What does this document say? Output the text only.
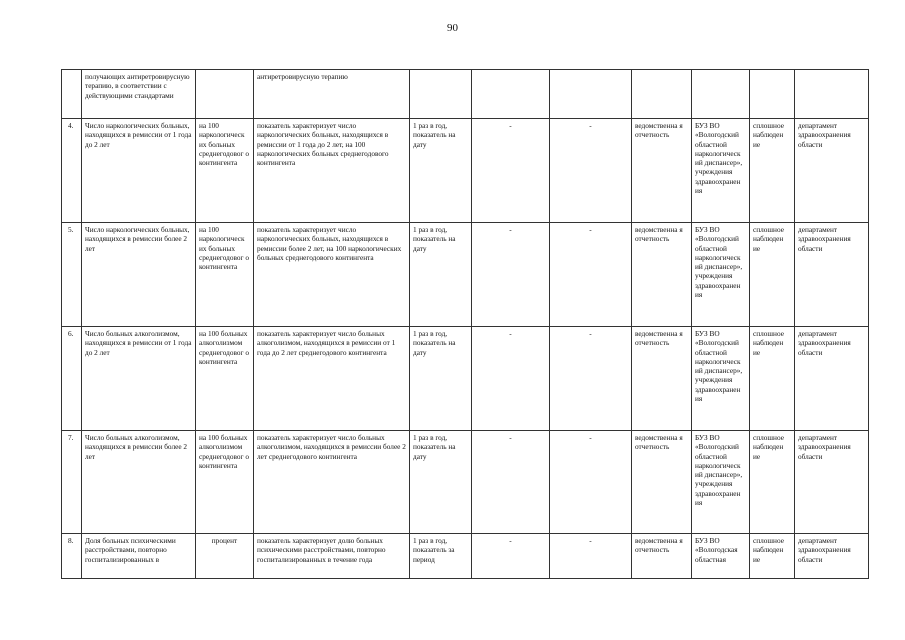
90
	получающих антиретровирусную терапию, в соответствии с действующими стандартами		антиретровирусную терапию							
4.	Число наркологических больных, находящихся в ремиссии от 1 года до 2 лет	на 100 наркологическ их больных среднегодовог о контингента	показатель характеризует число наркологических больных, находящихся в ремиссии от 1 года до 2 лет, на 100 наркологических больных среднегодового контингента	1 раз в год, показатель на дату	-	-	ведомственна я отчетность	БУЗ ВО «Вологодский областной наркологическ ий диспансер», учреждения здравоохранен ия	сплошное наблюден ие	департамент здравоохранения области
5.	Число наркологических больных, находящихся в ремиссии более 2 лет	на 100 наркологическ их больных среднегодовог о контингента	показатель характеризует число наркологических больных, находящихся в ремиссии более 2 лет, на 100 наркологических больных среднегодового контингента	1 раз в год, показатель на дату	-	-	ведомственна я отчетность	БУЗ ВО «Вологодский областной наркологическ ий диспансер», учреждения здравоохранен ия	сплошное наблюден ие	департамент здравоохранения области
6.	Число больных алкоголизмом, находящихся в ремиссии от 1 года до 2 лет	на 100 больных алкоголизмом среднегодовог о контингента	показатель характеризует число больных алкоголизмом, находящихся в ремиссии от 1 года до 2 лет среднегодового контингента	1 раз в год, показатель на дату	-	-	ведомственна я отчетность	БУЗ ВО «Вологодский областной наркологическ ий диспансер», учреждения здравоохранен ия	сплошное наблюден ие	департамент здравоохранения области
7.	Число больных алкоголизмом, находящихся в ремиссии более 2 лет	на 100 больных алкоголизмом среднегодовог о контингента	показатель характеризует число больных алкоголизмом, находящихся в ремиссии более 2 лет среднегодового контингента	1 раз в год, показатель на дату	-	-	ведомственна я отчетность	БУЗ ВО «Вологодский областной наркологическ ий диспансер», учреждения здравоохранен ия	сплошное наблюден ие	департамент здравоохранения области
8.	Доля больных психическими расстройствами, повторно госпитализированных в	процент	показатель характеризует долю больных психическими расстройствами, повторно госпитализированных в течение года	1 раз в год, показатель за период	-	-	ведомственна я отчетность	БУЗ ВО «Вологодская областная	сплошное наблюден ие	департамент здравоохранения области
